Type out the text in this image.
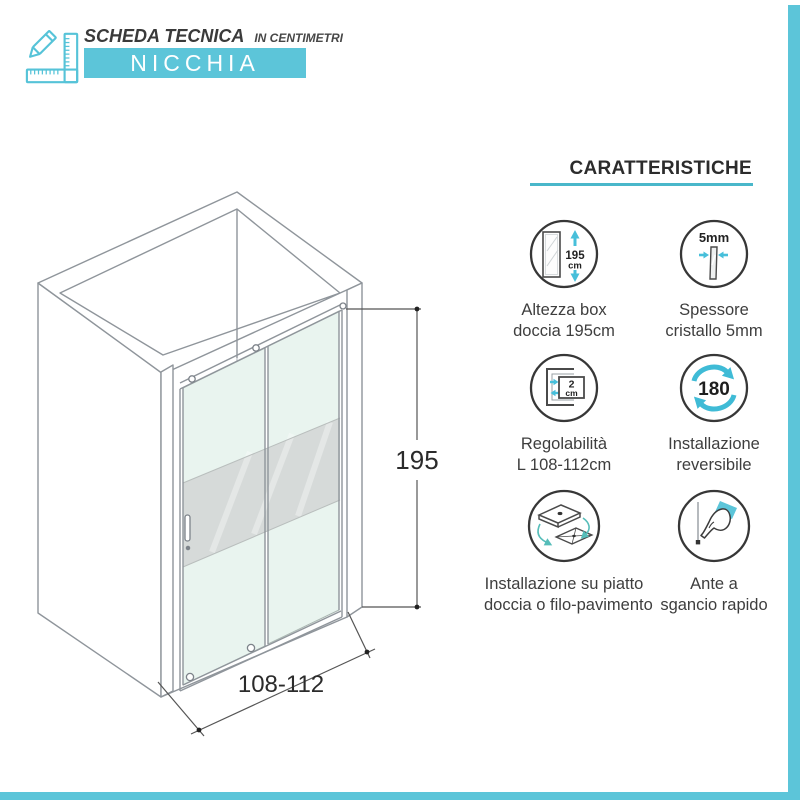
SCHEDA TECNICA IN CENTIMETRI
NICCHIA
195
108-112
CARATTERISTICHE
195
cm
Altezza box
doccia 195cm
5mm
Spessore
cristallo 5mm
2
cm
Regolabilità
L 108-112cm
180
Installazione
reversibile
Installazione su piatto
doccia o filo-pavimento
Ante a
sgancio rapido
